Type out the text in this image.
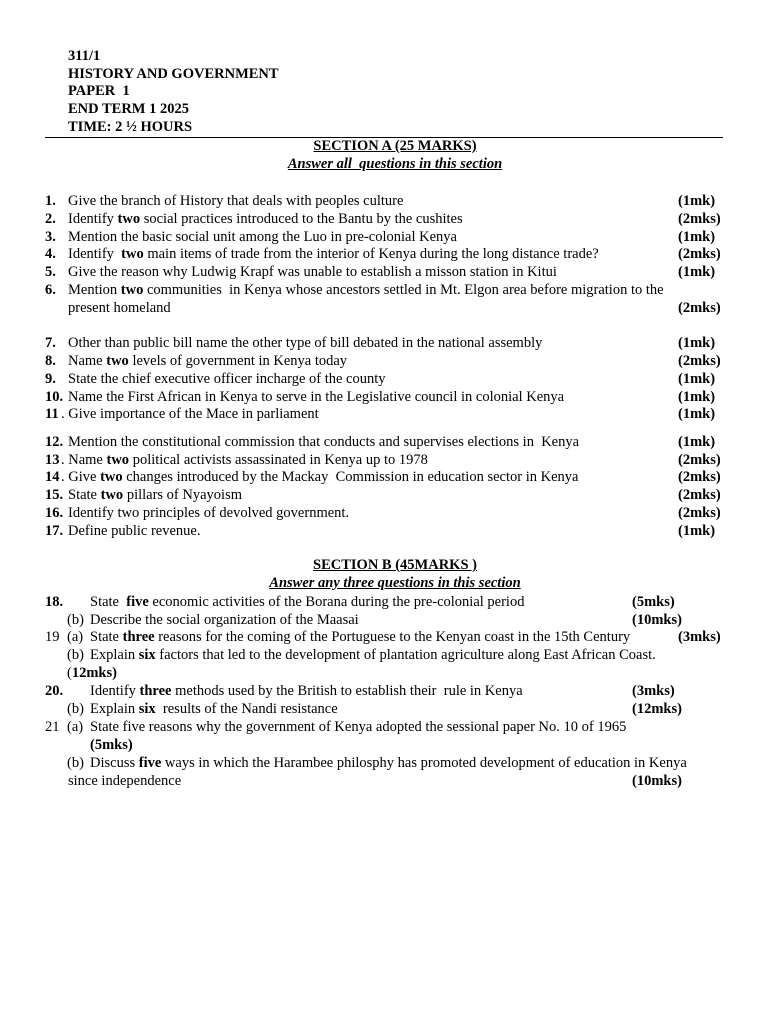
311/1
HISTORY AND GOVERNMENT
PAPER  1
END TERM 1 2025
TIME: 2 ½ HOURS
SECTION A (25 MARKS)
Answer all  questions in this section
1. Give the branch of History that deals with peoples culture	(1mk)
2. Identify two social practices introduced to the Bantu by the cushites	(2mks)
3. Mention the basic social unit among the Luo in pre-colonial Kenya	(1mk)
4. Identify  two main items of trade from the interior of Kenya during the long distance trade?	(2mks)
5. Give the reason why Ludwig Krapf was unable to establish a misson station in Kitui	(1mk)
6. Mention two communities  in Kenya whose ancestors settled in Mt. Elgon area before migration to the
present homeland	(2mks)
7. Other than public bill name the other type of bill debated in the national assembly	(1mk)
8. Name two levels of government in Kenya today	(2mks)
9. State the chief executive officer incharge of the county	(1mk)
10. Name the First African in Kenya to serve in the Legislative council in colonial Kenya	(1mk)
11 . Give importance of the Mace in parliament	(1mk)
12. Mention the constitutional commission that conducts and supervises elections in  Kenya	(1mk)
13 . Name two political activists assassinated in Kenya up to 1978	(2mks)
14 . Give two changes introduced by the Mackay  Commission in education sector in Kenya	(2mks)
15. State two pillars of Nyayoism	(2mks)
16. Identify two principles of devolved government.	(2mks)
17. Define public revenue.	(1mk)
SECTION B (45MARKS )
Answer any three questions in this section
18. State  five economic activities of the Borana during the pre-colonial period	(5mks)
(b) Describe the social organization of the Maasai	(10mks)
19 (a) State three reasons for the coming of the Portuguese to the Kenyan coast in the 15th Century	(3mks)
(b) Explain six factors that led to the development of plantation agriculture along East African Coast.
(12mks)
20. Identify three methods used by the British to establish their  rule in Kenya	(3mks)
(b) Explain six  results of the Nandi resistance	(12mks)
21 (a) State five reasons why the government of Kenya adopted the sessional paper No. 10 of 1965
(5mks)
(b) Discuss five ways in which the Harambee philosphy has promoted development of education in Kenya
since independence	(10mks)
